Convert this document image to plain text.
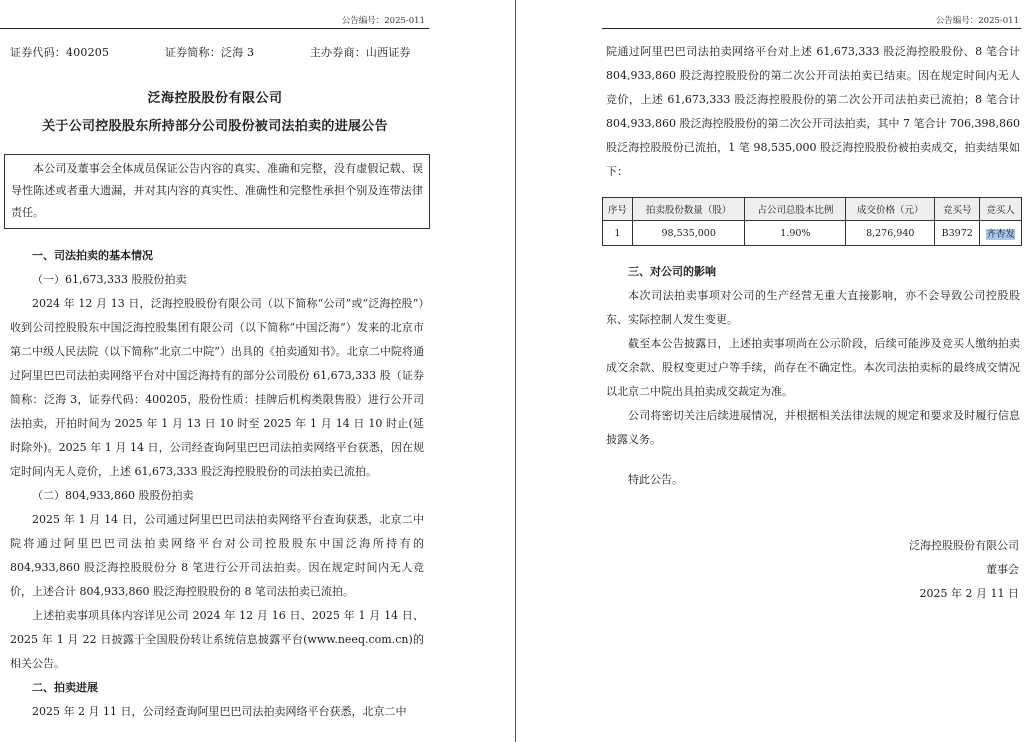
公告编号：2025-011
证券代码：400205	证券简称：泛海 3	主办券商：山西证券
泛海控股股份有限公司
关于公司控股股东所持部分公司股份被司法拍卖的进展公告
本公司及董事会全体成员保证公告内容的真实、准确和完整，没有虚假记载、误导性陈述或者重大遗漏，并对其内容的真实性、准确性和完整性承担个别及连带法律责任。

一、司法拍卖的基本情况

（一）61,673,333 股股份拍卖

2024 年 12 月 13 日，泛海控股股份有限公司（以下简称“公司”或“泛海控股”）收到公司控股股东中国泛海控股集团有限公司（以下简称“中国泛海”）发来的北京市第二中级人民法院（以下简称“北京二中院”）出具的《拍卖通知书》。北京二中院将通过阿里巴巴司法拍卖网络平台对中国泛海持有的部分公司股份 61,673,333 股（证券简称：泛海 3，证券代码：400205，股份性质：挂牌后机构类限售股）进行公开司法拍卖，开拍时间为 2025 年 1 月 13 日 10 时至 2025 年 1 月 14 日 10 时止(延时除外)。2025 年 1 月 14 日，公司经查询阿里巴巴司法拍卖网络平台获悉，因在规定时间内无人竞价，上述 61,673,333 股泛海控股股份的司法拍卖已流拍。

（二）804,933,860 股股份拍卖

2025 年 1 月 14 日，公司通过阿里巴巴司法拍卖网络平台查询获悉，北京二中院将通过阿里巴巴司法拍卖网络平台对公司控股股东中国泛海所持有的 804,933,860 股泛海控股股份分 8 笔进行公开司法拍卖。因在规定时间内无人竞价，上述合计 804,933,860 股泛海控股股份的 8 笔司法拍卖已流拍。

上述拍卖事项具体内容详见公司 2024 年 12 月 16 日、2025 年 1 月 14 日、2025 年 1 月 22 日披露于全国股份转让系统信息披露平台(www.neeq.com.cn)的相关公告。

二、拍卖进展

2025 年 2 月 11 日，公司经查询阿里巴巴司法拍卖网络平台获悉，北京二中

公告编号：2025-011
院通过阿里巴巴司法拍卖网络平台对上述 61,673,333 股泛海控股股份、8 笔合计 804,933,860 股泛海控股股份的第二次公开司法拍卖已结束。因在规定时间内无人竞价，上述 61,673,333 股泛海控股股份的第二次公开司法拍卖已流拍；8 笔合计 804,933,860 股泛海控股股份的第二次公开司法拍卖，其中 7 笔合计 706,398,860 股泛海控股股份已流拍，1 笔 98,535,000 股泛海控股股份被拍卖成交，拍卖结果如下：
序号	拍卖股份数量（股）	占公司总股本比例	成交价格（元）	竞买号	竞买人
1	98,535,000	1.90%	8,276,940	B3972	齐杏发

三、对公司的影响

本次司法拍卖事项对公司的生产经营无重大直接影响，亦不会导致公司控股股东、实际控制人发生变更。

截至本公告披露日，上述拍卖事项尚在公示阶段，后续可能涉及竞买人缴纳拍卖成交余款、股权变更过户等手续，尚存在不确定性。本次司法拍卖标的最终成交情况以北京二中院出具拍卖成交裁定为准。

公司将密切关注后续进展情况，并根据相关法律法规的规定和要求及时履行信息披露义务。

特此公告。
泛海控股股份有限公司
董事会
2025 年 2 月 11 日
